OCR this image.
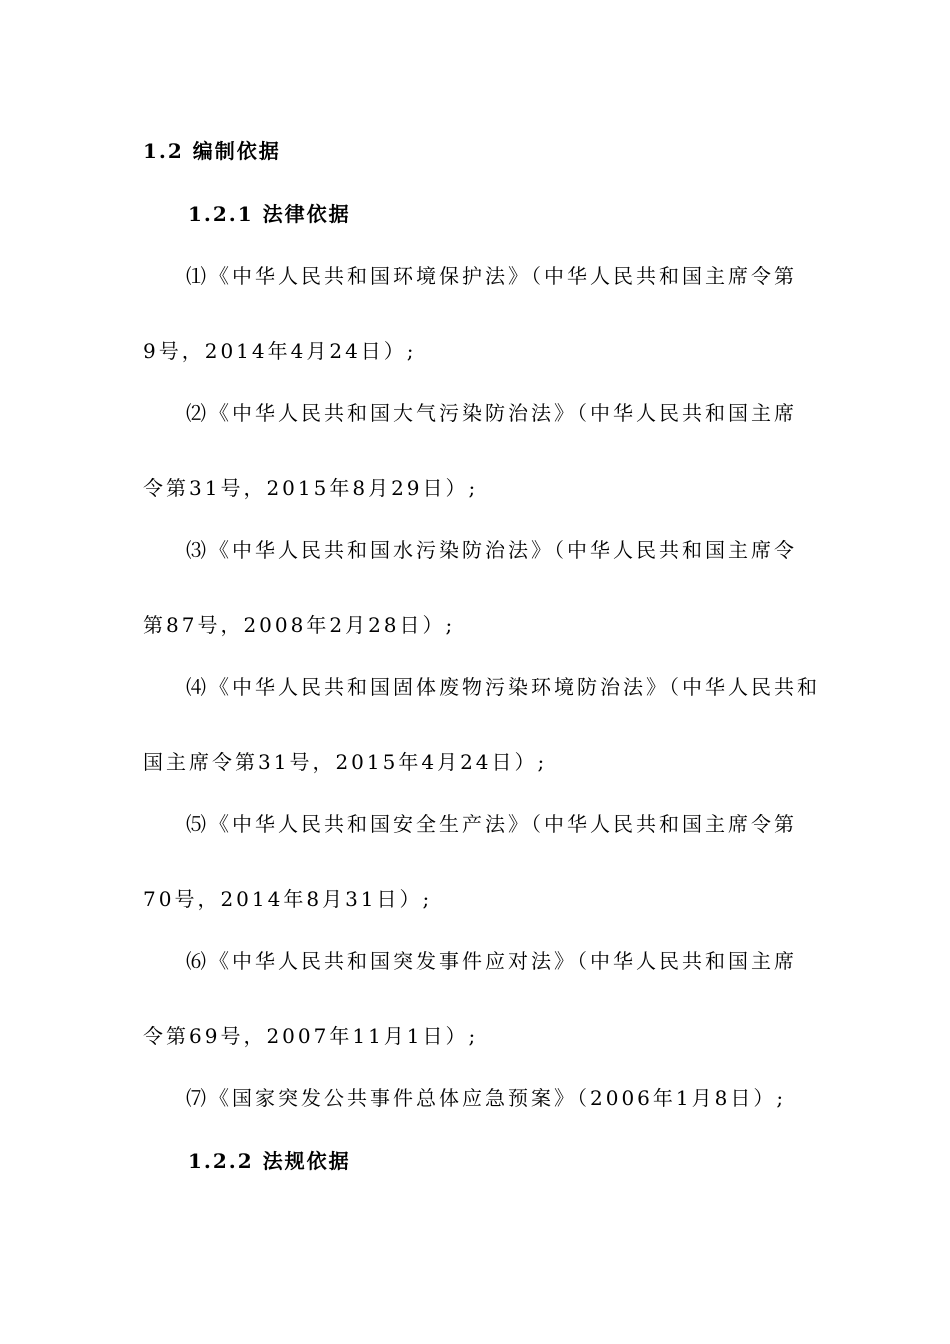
1.2 编制依据
1.2.1 法律依据
⑴《中华人民共和国环境保护法》（中华人民共和国主席令第
9号，2014年4月24日）;
⑵《中华人民共和国大气污染防治法》（中华人民共和国主席
令第31号，2015年8月29日）;
⑶《中华人民共和国水污染防治法》（中华人民共和国主席令
第87号，2008年2月28日）;
⑷《中华人民共和国固体废物污染环境防治法》（中华人民共和
国主席令第31号，2015年4月24日）;
⑸《中华人民共和国安全生产法》（中华人民共和国主席令第
70号，2014年8月31日）;
⑹《中华人民共和国突发事件应对法》（中华人民共和国主席
令第69号，2007年11月1日）;
⑺《国家突发公共事件总体应急预案》（2006年1月8日）;
1.2.2 法规依据
